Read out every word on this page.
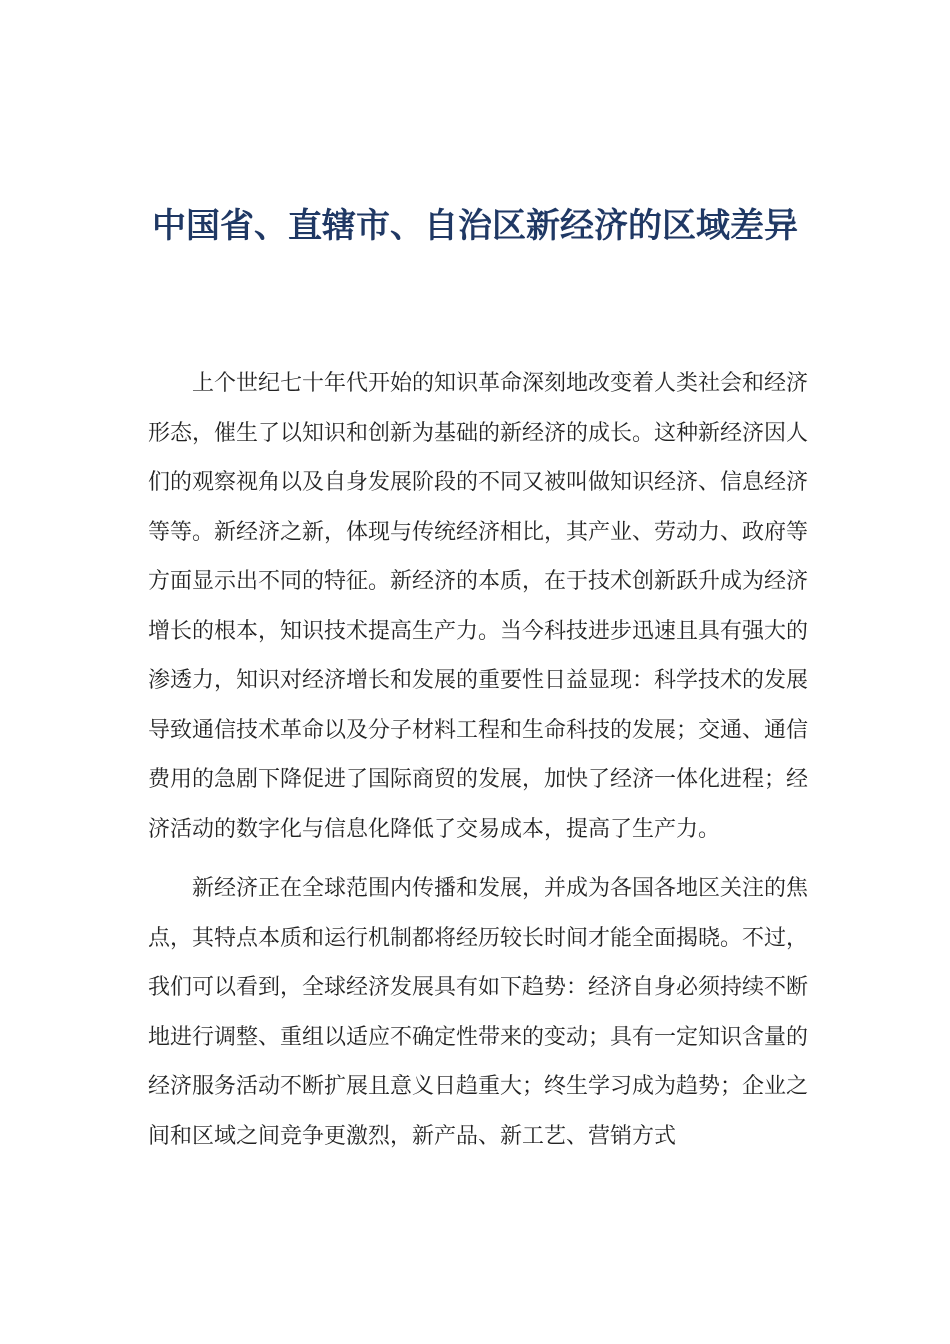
中国省、直辖市、自治区新经济的区域差异

上个世纪七十年代开始的知识革命深刻地改变着人类社会和经济形态，催生了以知识和创新为基础的新经济的成长。这种新经济因人们的观察视角以及自身发展阶段的不同又被叫做知识经济、信息经济等等。新经济之新，体现与传统经济相比，其产业、劳动力、政府等方面显示出不同的特征。新经济的本质，在于技术创新跃升成为经济增长的根本，知识技术提高生产力。当今科技进步迅速且具有强大的渗透力，知识对经济增长和发展的重要性日益显现：科学技术的发展导致通信技术革命以及分子材料工程和生命科技的发展；交通、通信费用的急剧下降促进了国际商贸的发展，加快了经济一体化进程；经济活动的数字化与信息化降低了交易成本，提高了生产力。

新经济正在全球范围内传播和发展，并成为各国各地区关注的焦点，其特点本质和运行机制都将经历较长时间才能全面揭晓。不过，我们可以看到，全球经济发展具有如下趋势：经济自身必须持续不断地进行调整、重组以适应不确定性带来的变动；具有一定知识含量的经济服务活动不断扩展且意义日趋重大；终生学习成为趋势；企业之间和区域之间竞争更激烈，新产品、新工艺、营销方式
